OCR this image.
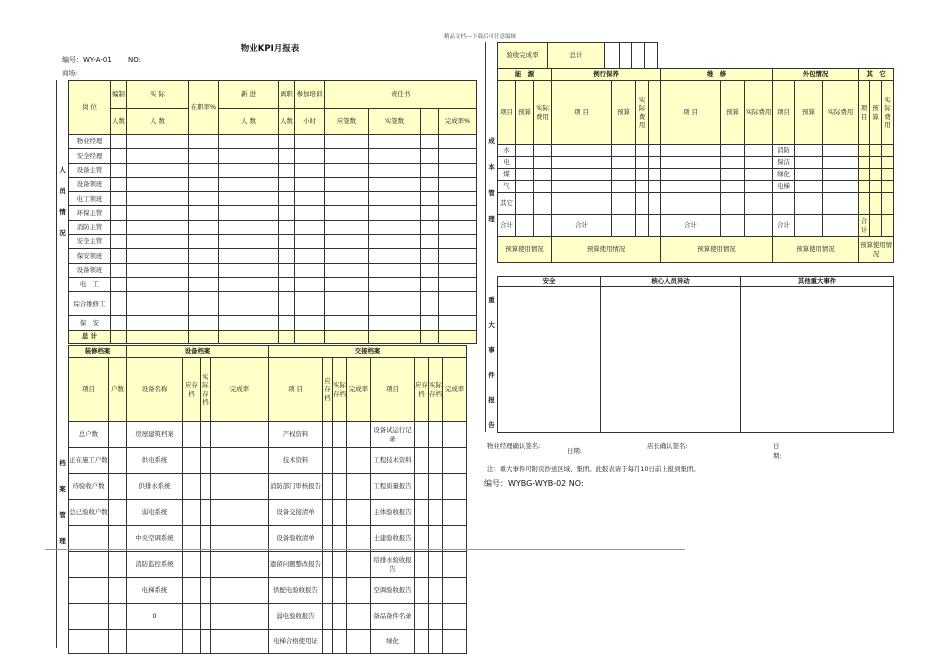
精品文档---下载后可任意编辑
物业KPI月报表
编号：WY-A-01	NO:
商场:
人
员
情
况
档
案
管
理
岗 位	编制	实 际	在职率%	新 进	离职	参加培训	责任书			
	人数	人 数		人 数	人数	小时	应签数	实签数		完成率%
物业经理										
安全经理										
设备主管										
设备领班										
电工领班										
环保主管										
消防主管										
安全主管										
保安领班										
设备领班										
电　工										
综合维修工										
保　安										
总 计										
装修档案		设备档案				交接档案							
项目	户数	设备名称	应存档	实际存档	完成率	项 目	应存档	实际存档	完成率	项目	应存档	实际存档	完成率
总户数		房屋建筑档案				产权资料				设备试运行记录			
正在施工户数		供电系统				技术资料				工程技术资料			
待验收户数		供排水系统				消防部门审核报告				工程质量报告			
总已验收户数		弱电系统				设备交接清单				主体验收报告			
		中央空调系统				设备验收清单				土建验收报告			
		消防监控系统				遗留问题整改报告				给排水验收报告			
		电梯系统				供配电验收报告				空调验收报告			
		0				弱电验收报告				备品备件名录			
						电梯合格使用证				绿化			
验收完成率	总计				
成
本
管
理
重
大
事
件
报
告
能　源			例行保养				维　修			外包情况			其　它		
项目	预算	实际费用	项 目	预算	实际费用		项 目	预算	实际费用	项目	预算	实际费用	项目	预算	实际费用
水										消防					
电										保洁					
煤										绿化					
气										电梯					
其它															
合计			合计				合计			合计			合计		
预算使用情况			预算使用情况				预算使用情况			预算使用情况			预算使用情况		
安全	核心人员异动	其他重大事件

物业经理确认签名:
日期:
店长确认签名:	日期:
注：重大事件可附页抄送区域、集团。此报表请于每月10日前上报到集团。
编号：WYBG-WYB-02 NO:
